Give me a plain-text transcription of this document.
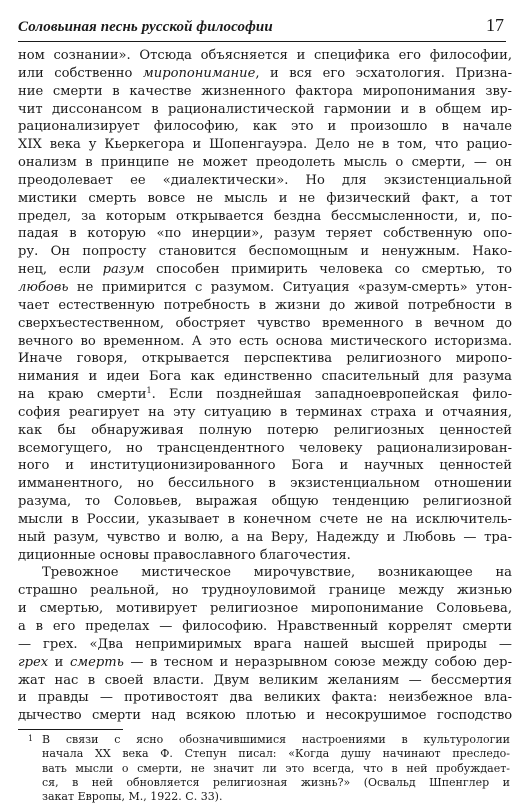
Соловьиная песнь русской философии	17
ном сознании». Отсюда объясняется и специфика его философии,
или собственно миропонимание, и вся его эсхатология. Призна-
ние смерти в качестве жизненного фактора миропонимания зву-
чит диссонансом в рационалистической гармонии и в общем ир-
рационализирует философию, как это и произошло в начале
XIX века у Кьеркегора и Шопенгауэра. Дело не в том, что рацио-
онализм в принципе не может преодолеть мысль о смерти, — он
преодолевает ее «диалектически». Но для экзистенциальной
мистики смерть вовсе не мысль и не физический факт, а тот
предел, за которым открывается бездна бессмысленности, и, по-
падая в которую «по инерции», разум теряет собственную опо-
ру. Он попросту становится беспомощным и ненужным. Нако-
нец, если разум способен примирить человека со смертью, то
любовь не примирится с разумом. Ситуация «разум-смерть» утон-
чает естественную потребность в жизни до живой потребности в
сверхъестественном, обостряет чувство временного в вечном до
вечного во временном. А это есть основа мистического историзма.
Иначе говоря, открывается перспектива религиозного миропо-
нимания и идеи Бога как единственно спасительный для разума
на краю смерти$^1$. Если позднейшая западноевропейская фило-
софия реагирует на эту ситуацию в терминах страха и отчаяния,
как бы обнаруживая полную потерю религиозных ценностей
всемогущего, но трансцендентного человеку рационализирован-
ного и институционизированного Бога и научных ценностей
имманентного, но бессильного в экзистенциальном отношении
разума, то Соловьев, выражая общую тенденцию религиозной
мысли в России, указывает в конечном счете не на исключитель-
ный разум, чувство и волю, а на Веру, Надежду и Любовь — тра-
диционные основы православного благочестия.
Тревожное мистическое мирочувствие, возникающее на
страшно реальной, но трудноуловимой границе между жизнью
и смертью, мотивирует религиозное миропонимание Соловьева,
а в его пределах — философию. Нравственный коррелят смерти
— грех. «Два непримиримых врага нашей высшей природы —
грех и смерть — в тесном и неразрывном союзе между собою дер-
жат нас в своей власти. Двум великим желаниям — бессмертия
и правды — противостоят два великих факта: неизбежное вла-
дычество смерти над всякою плотью и несокрушимое господство
1 В связи с ясно обозначившимися настроениями в культурологии
начала XX века Ф. Степун писал: «Когда душу начинают преследо-
вать мысли о смерти, не значит ли это всегда, что в ней пробуждает-
ся, в ней обновляется религиозная жизнь?» (Освальд Шпенглер и
закат Европы, М., 1922. С. 33).
